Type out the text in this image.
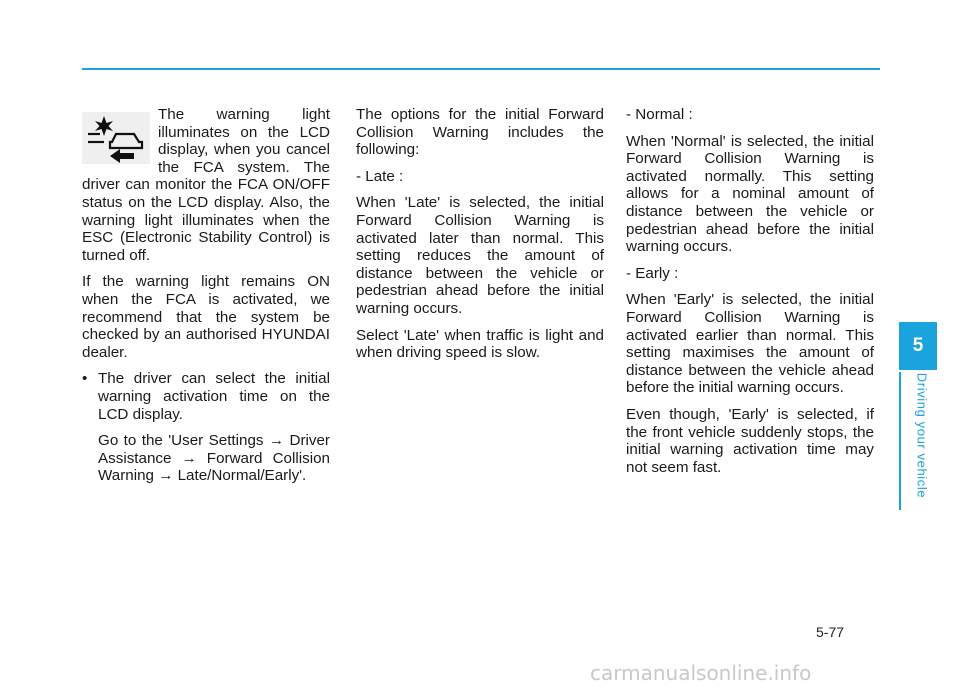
The warning light illuminates on the LCD display, when you cancel the FCA system. The driver can monitor the FCA ON/OFF status on the LCD display. Also, the warning light illuminates when the ESC (Electronic Stability Control) is turned off.

If the warning light remains ON when the FCA is activated, we recommend that the system be checked by an authorised HYUNDAI dealer.

• The driver can select the initial warning activation time on the LCD display.

Go to the 'User Settings → Driver Assistance → Forward Collision Warning → Late/Normal/Early'.

The options for the initial Forward Collision Warning includes the following:

- Late :

When 'Late' is selected, the initial Forward Collision Warning is activated later than normal. This setting reduces the amount of distance between the vehicle or pedestrian ahead before the initial warning occurs.

Select 'Late' when traffic is light and when driving speed is slow.

- Normal :

When 'Normal' is selected, the initial Forward Collision Warning is activated normally. This setting allows for a nominal amount of distance between the vehicle or pedestrian ahead before the initial warning occurs.

- Early :

When 'Early' is selected, the initial Forward Collision Warning is activated earlier than normal. This setting maximises the amount of distance between the vehicle ahead before the initial warning occurs.

Even though, 'Early' is selected, if the front vehicle suddenly stops, the initial warning activation time may not seem fast.

5
Driving your vehicle
5-77
carmanualsonline.info
